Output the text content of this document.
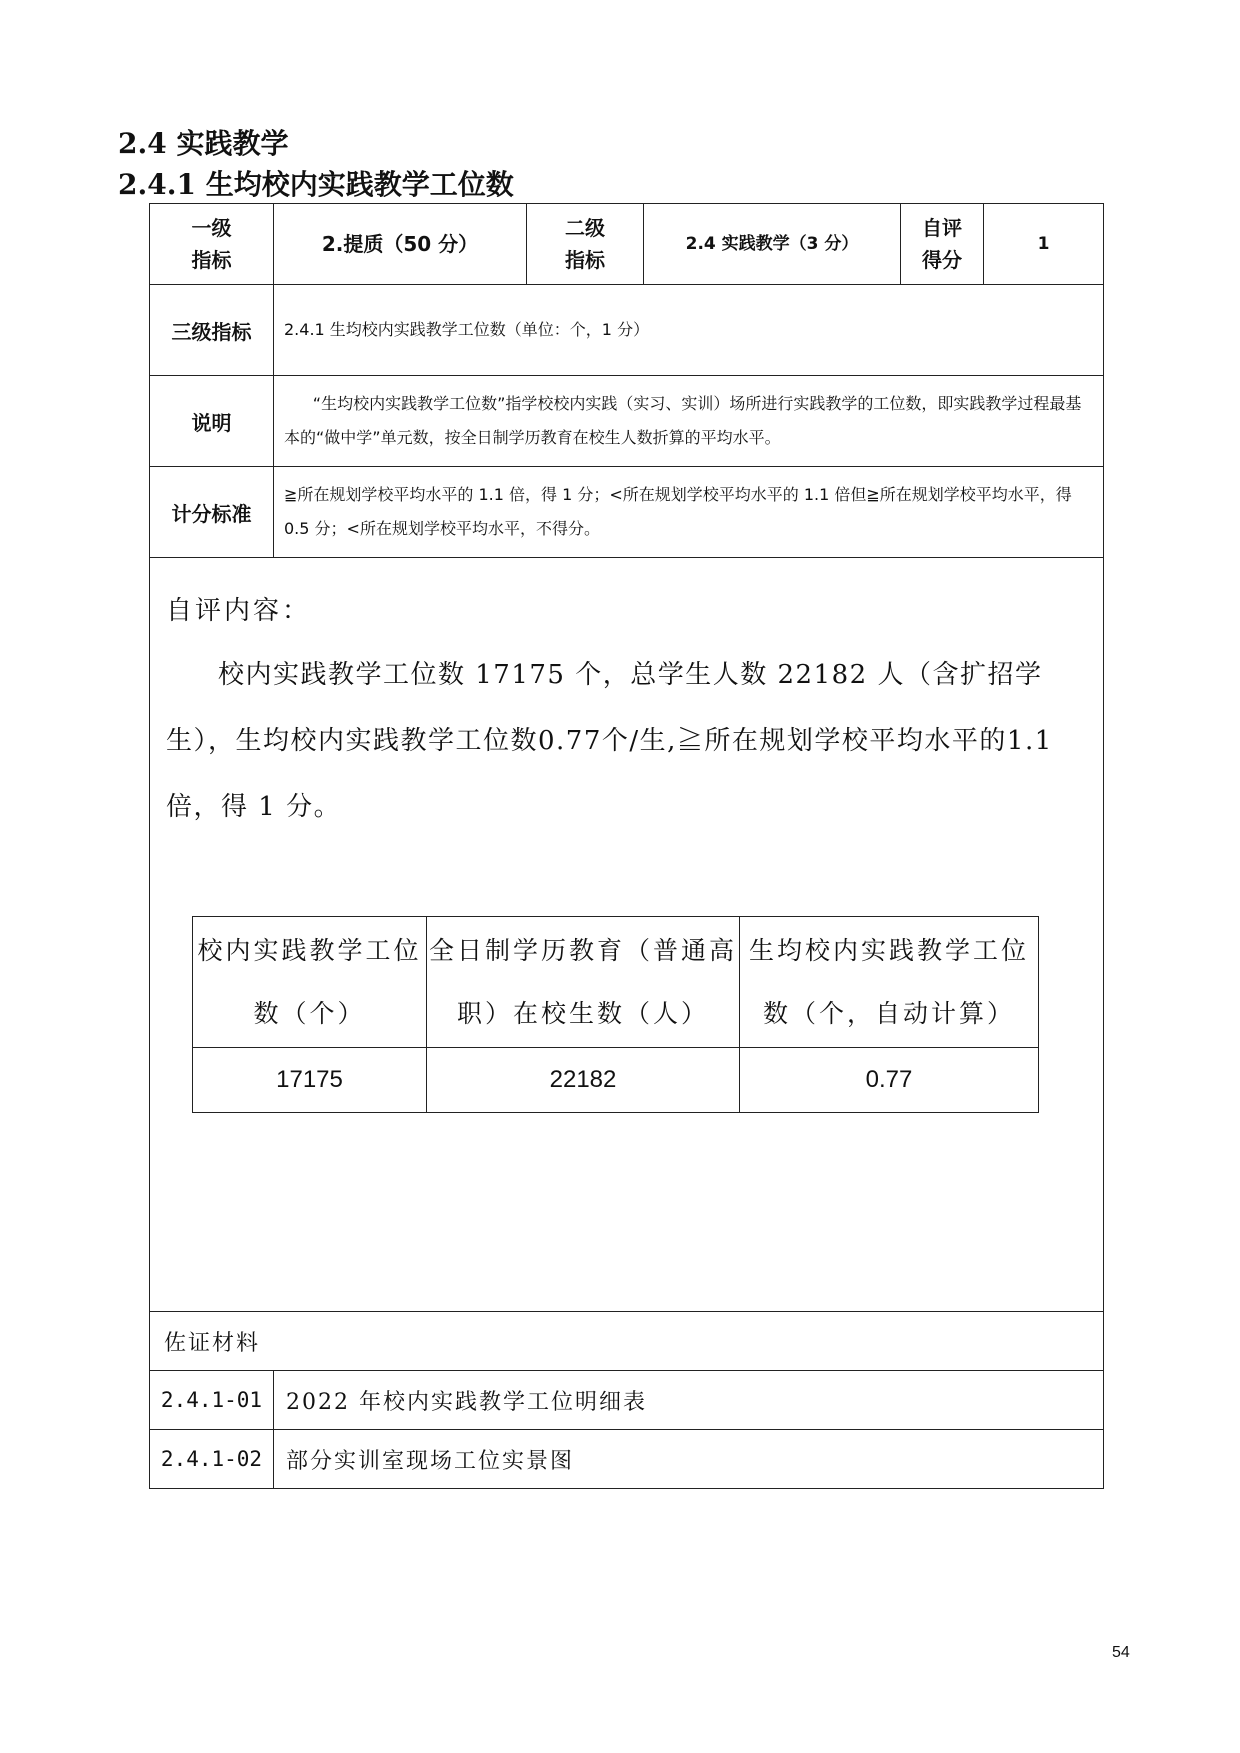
2.4 实践教学
2.4.1 生均校内实践教学工位数
一级
指标	2.提质（50 分）	二级
指标	2.4 实践教学（3 分）	自评
得分	1
三级指标	2.4.1 生均校内实践教学工位数（单位：个，1 分）
说明	“生均校内实践教学工位数”指学校校内实践（实习、实训）场所进行实践教学的工位数，即实践教学过程最基本的“做中学”单元数，按全日制学历教育在校生人数折算的平均水平。
计分标准	≧所在规划学校平均水平的 1.1 倍，得 1 分；<所在规划学校平均水平的 1.1 倍但≧所在规划学校平均水平，得 0.5 分；<所在规划学校平均水平，不得分。

自评内容：
校内实践教学工位数 17175 个，总学生人数 22182 人（含扩招学生），生均校内实践教学工位数0.77个/生,≧所在规划学校平均水平的1.1倍，得 1 分。
校内实践教学工位数（个）	全日制学历教育（普通高职）在校生数（人）	生均校内实践教学工位数（个，自动计算）
17175	22182	0.77

佐证材料
2.4.1-01	2022 年校内实践教学工位明细表
2.4.1-02	部分实训室现场工位实景图
54
